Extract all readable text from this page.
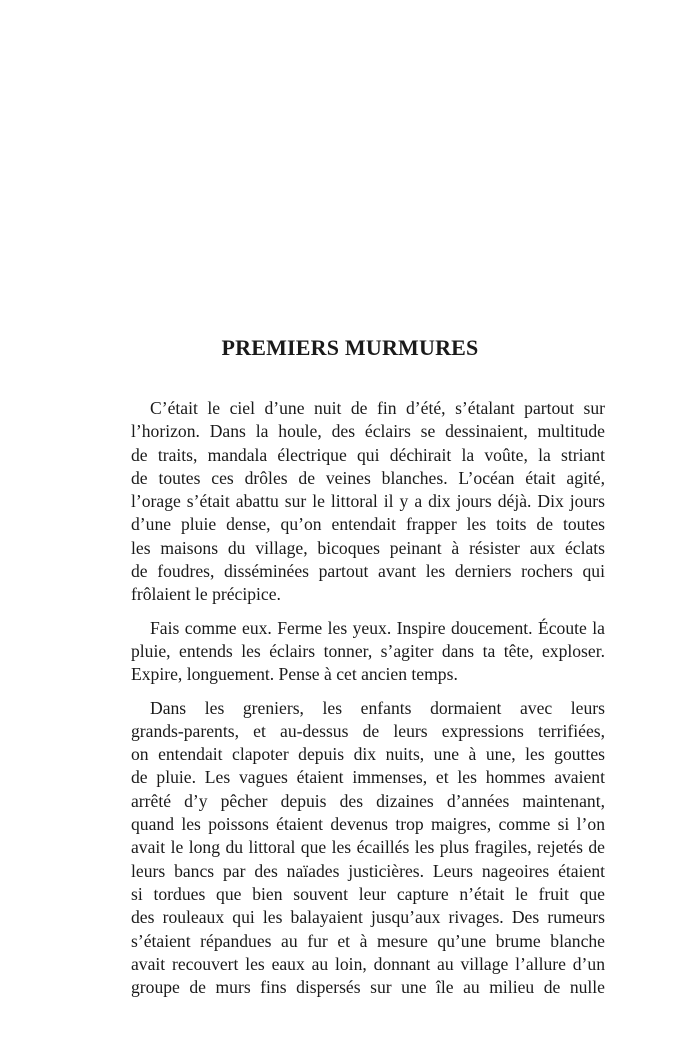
PREMIERS MURMURES

C’était le ciel d’une nuit de fin d’été, s’étalant partout sur
l’horizon. Dans la houle, des éclairs se dessinaient, multitude
de traits, mandala électrique qui déchirait la voûte, la striant
de toutes ces drôles de veines blanches. L’océan était agité,
l’orage s’était abattu sur le littoral il y a dix jours déjà. Dix jours
d’une pluie dense, qu’on entendait frapper les toits de toutes
les maisons du village, bicoques peinant à résister aux éclats
de foudres, disséminées partout avant les derniers rochers qui
frôlaient le précipice.

Fais comme eux. Ferme les yeux. Inspire doucement. Écoute la
pluie, entends les éclairs tonner, s’agiter dans ta tête, exploser.
Expire, longuement. Pense à cet ancien temps.

Dans les greniers, les enfants dormaient avec leurs
grands-parents, et au-dessus de leurs expressions terrifiées,
on entendait clapoter depuis dix nuits, une à une, les gouttes
de pluie. Les vagues étaient immenses, et les hommes avaient
arrêté d’y pêcher depuis des dizaines d’années maintenant,
quand les poissons étaient devenus trop maigres, comme si l’on
avait le long du littoral que les écaillés les plus fragiles, rejetés de
leurs bancs par des naïades justicières. Leurs nageoires étaient
si tordues que bien souvent leur capture n’était le fruit que
des rouleaux qui les balayaient jusqu’aux rivages. Des rumeurs
s’étaient répandues au fur et à mesure qu’une brume blanche
avait recouvert les eaux au loin, donnant au village l’allure d’un
groupe de murs fins dispersés sur une île au milieu de nulle
